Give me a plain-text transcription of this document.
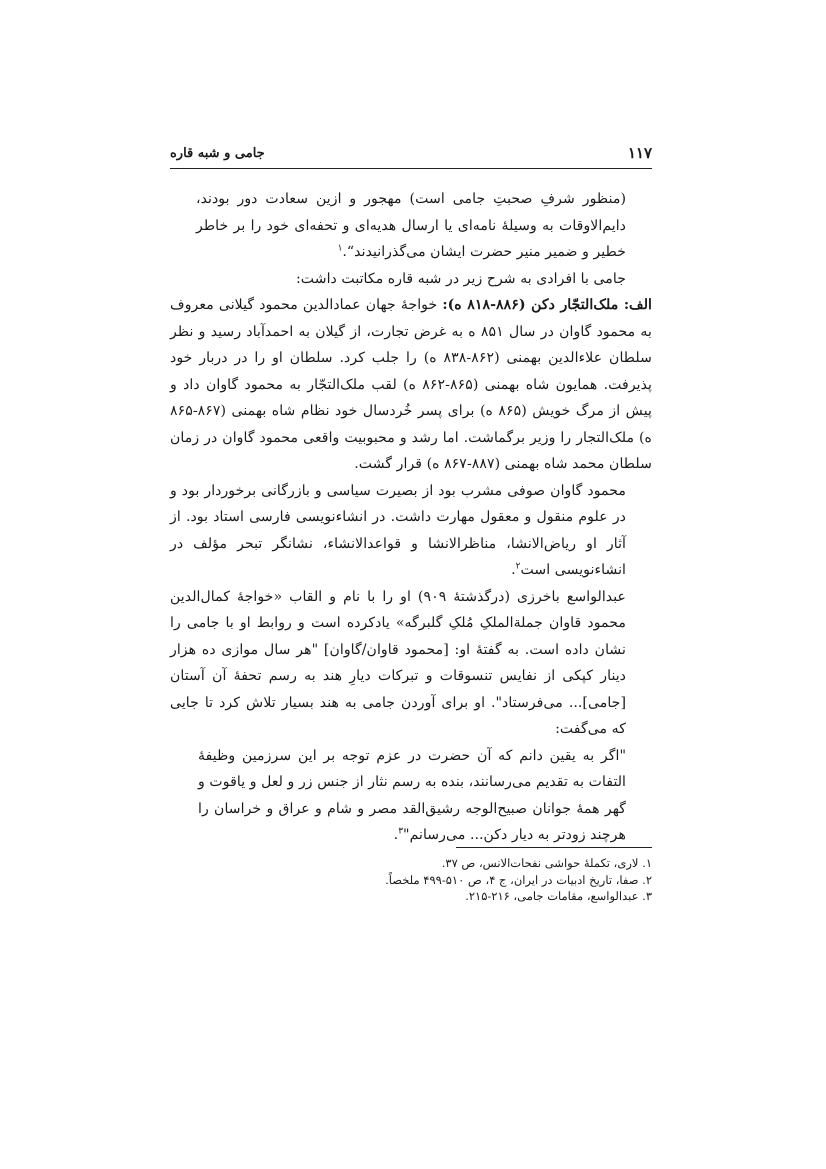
۱۱۷
جامی و شبه قاره

(منظور شرفِ صحبتِ جامی است) مهجور و ازین سعادت دور بودند، دایم‌الاوقات به وسیلهٔ نامه‌ای یا ارسال هدیه‌ای و تحفه‌ای خود را بر خاطر خطیر و ضمیر منیر حضرت ایشان می‌گذرانیدند“.$^۱$

جامی با افرادی به شرح زیر در شبه قاره مکاتبت داشت:

الف: ملک‌التجّار دکن (۸۸۶-۸۱۸ ه): خواجهٔ جهان عمادالدین محمود گیلانی معروف به محمود گاوان در سال ۸۵۱ ه به غرض تجارت، از گیلان به احمدآباد رسید و نظر سلطان علاءالدین بهمنی (۸۶۲-۸۳۸ ه) را جلب کرد. سلطان او را در دربار خود پذیرفت. همایون شاه بهمنی (۸۶۵-۸۶۲ ه) لقب ملک‌التجّار به محمود گاوان داد و پیش از مرگ خویش (۸۶۵ ه) برای پسر خُردسال خود نظام شاه بهمنی (۸۶۷-۸۶۵ ه) ملک‌التجار را وزیر برگماشت. اما رشد و محبوبیت واقعی محمود گاوان در زمان سلطان محمد شاه بهمنی (۸۸۷-۸۶۷ ه) قرار گشت.

محمود گاوان صوفی مشرب بود از بصیرت سیاسی و بازرگانی برخوردار بود و در علوم منقول و معقول مهارت داشت. در انشاءنویسی فارسی استاد بود. از آثار او ریاض‌الانشا، مناظرالانشا و قواعدالانشاء، نشانگر تبحر مؤلف در انشاءنویسی است$^۲$.

عبدالواسع باخرزی (درگذشتهٔ ۹۰۹) او را با نام و القاب «خواجهٔ کمال‌الدین محمود قاوان جملةالملکِ مُلکِ گلبرگه» یادکرده است و روابط او با جامی را نشان داده است. به گفتهٔ او: [محمود قاوان/گاوان] "هر سال موازی ده هزار دینار کپکی از نفایس تنسوقات و تبرکات دیارِ هند به رسم تحفهٔ آن آستان [جامی]... می‌فرستاد". او برای آوردن جامی به هند بسیار تلاش کرد تا جایی که می‌گفت:

"اگر به یقین دانم که آن حضرت در عزم توجه بر این سرزمین وظیفهٔ التفات به تقدیم می‌رسانند، بنده به رسم نثار از جنس زر و لعل و یاقوت و گهر همهٔ جوانان صبیح‌الوجه رشیق‌القد مصر و شام و عراق و خراسان را هرچند زودتر به دیار دکن... می‌رسانم"$^۳$.

۱. لاری، تکملهٔ حواشی نفحات‌الانس، ص ۳۷.

۲. صفا، تاریخ ادبیات در ایران، ج ۴، ص ۵۱۰-۴۹۹ ملخصاً.

۳. عبدالواسع، مقامات جامی، ۲۱۶-۲۱۵.
